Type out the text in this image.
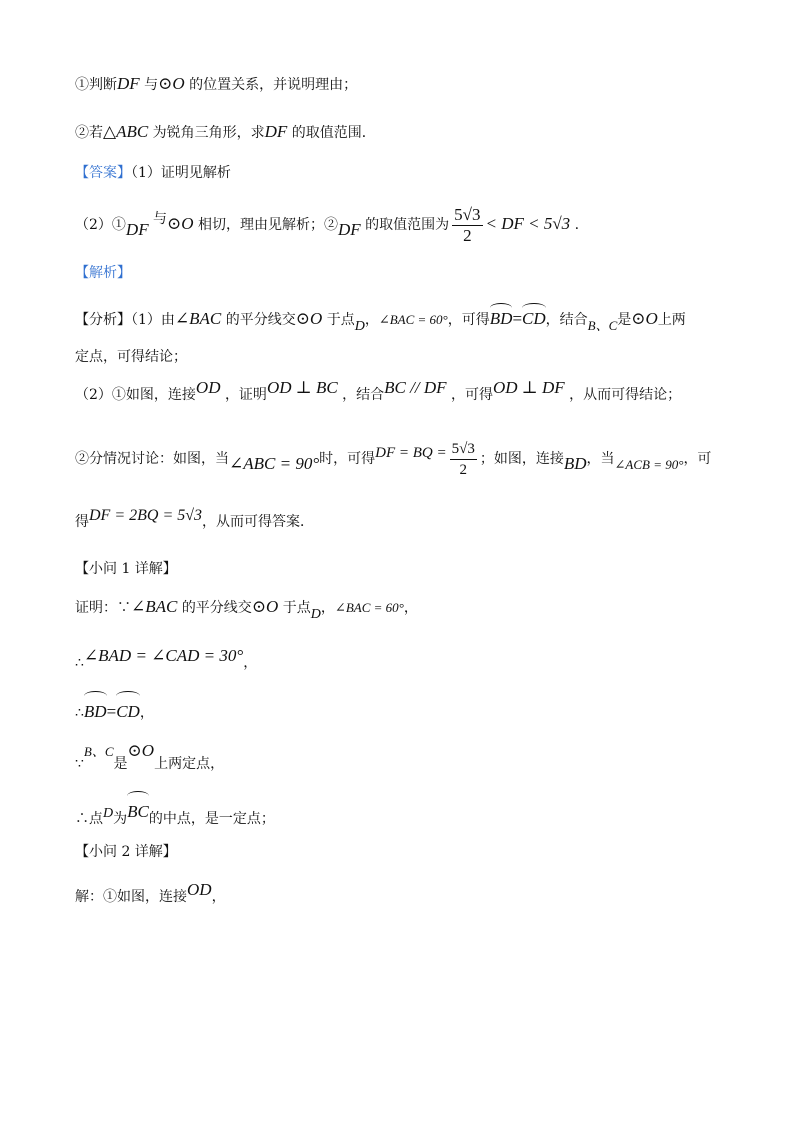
①判断DF 与⊙O 的位置关系，并说明理由；
②若△ABC 为锐角三角形，求DF 的取值范围．
【答案】（1）证明见解析
（2）①DF 与⊙O 相切，理由见解析；②DF 的取值范围为 $\frac{5√3}{2}$ < DF < 5√3 .
【解析】
【分析】（1）由∠BAC 的平分线交⊙O 于点D，∠BAC = 60°，可得BD=CD，结合B、C是⊙O上两
定点，可得结论；
（2）①如图，连接OD ，证明OD ⊥ BC ，结合BC // DF ，可得OD ⊥ DF ，从而可得结论；
②分情况讨论：如图，当∠ABC = 90°时，可得DF = BQ = $\frac{5√3}{2}$ ；如图，连接BD，当∠ACB = 90°，可
得DF = 2BQ = 5√3，从而可得答案．
【小问 1 详解】
证明：∵∠BAC 的平分线交⊙O 于点D，∠BAC = 60°，
∴∠BAD = ∠CAD = 30°，
∴BD=CD，
∵B、C是⊙O上两定点，
∴点D为BC的中点，是一定点；
【小问 2 详解】
解：①如图，连接OD，
